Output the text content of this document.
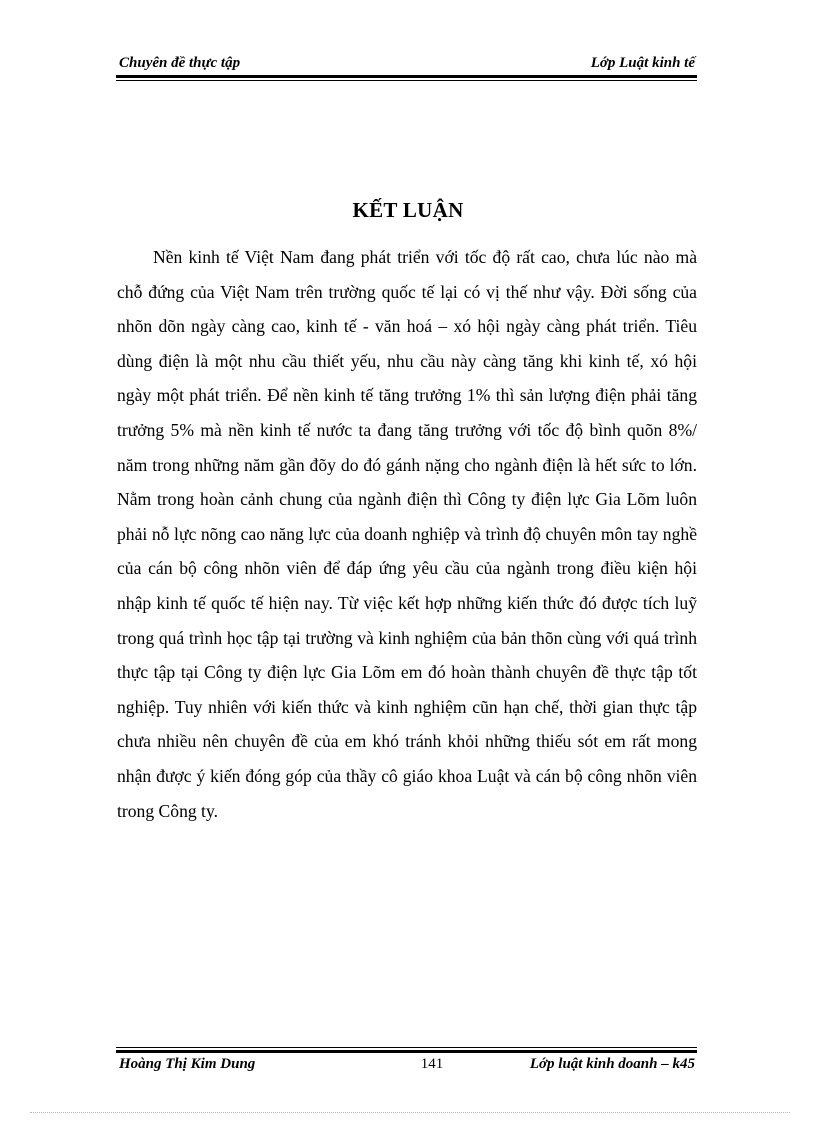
Chuyên đề thực tập	Lớp Luật kinh tế
KẾT LUẬN

Nền kinh tế Việt Nam đang phát triển với tốc độ rất cao, chưa lúc nào mà chỗ đứng của Việt Nam trên trường quốc tế lại có vị thế như vậy. Đời sống của nhõn dõn ngày càng cao, kinh tế - văn hoá – xó hội ngày càng phát triển. Tiêu dùng điện là một nhu cầu thiết yếu, nhu cầu này càng tăng khi kinh tế, xó hội ngày một phát triển. Để nền kinh tế tăng trưởng 1% thì sản lượng điện phải tăng trưởng 5% mà nền kinh tế nước ta đang tăng trưởng với tốc độ bình quõn 8%/ năm trong những năm gần đõy do đó gánh nặng cho ngành điện là hết sức to lớn. Nằm trong hoàn cảnh chung của ngành điện thì Công ty điện lực Gia Lõm luôn phải nỗ lực nõng cao năng lực của doanh nghiệp và trình độ chuyên môn tay nghề của cán bộ công nhõn viên để đáp ứng yêu cầu của ngành trong điều kiện hội nhập kinh tế quốc tế hiện nay. Từ việc kết hợp những kiến thức đó được tích luỹ trong quá trình học tập tại trường và kinh nghiệm của bản thõn cùng với quá trình thực tập tại Công ty điện lực Gia Lõm em đó hoàn thành chuyên đề thực tập tốt nghiệp. Tuy nhiên với kiến thức và kinh nghiệm cũn hạn chế, thời gian thực tập chưa nhiều nên chuyên đề của em khó tránh khỏi những thiếu sót em rất mong nhận được ý kiến đóng góp của thầy cô giáo khoa Luật và cán bộ công nhõn viên trong Công ty.

Hoàng Thị Kim Dung	141	Lớp luật kinh doanh – k45
